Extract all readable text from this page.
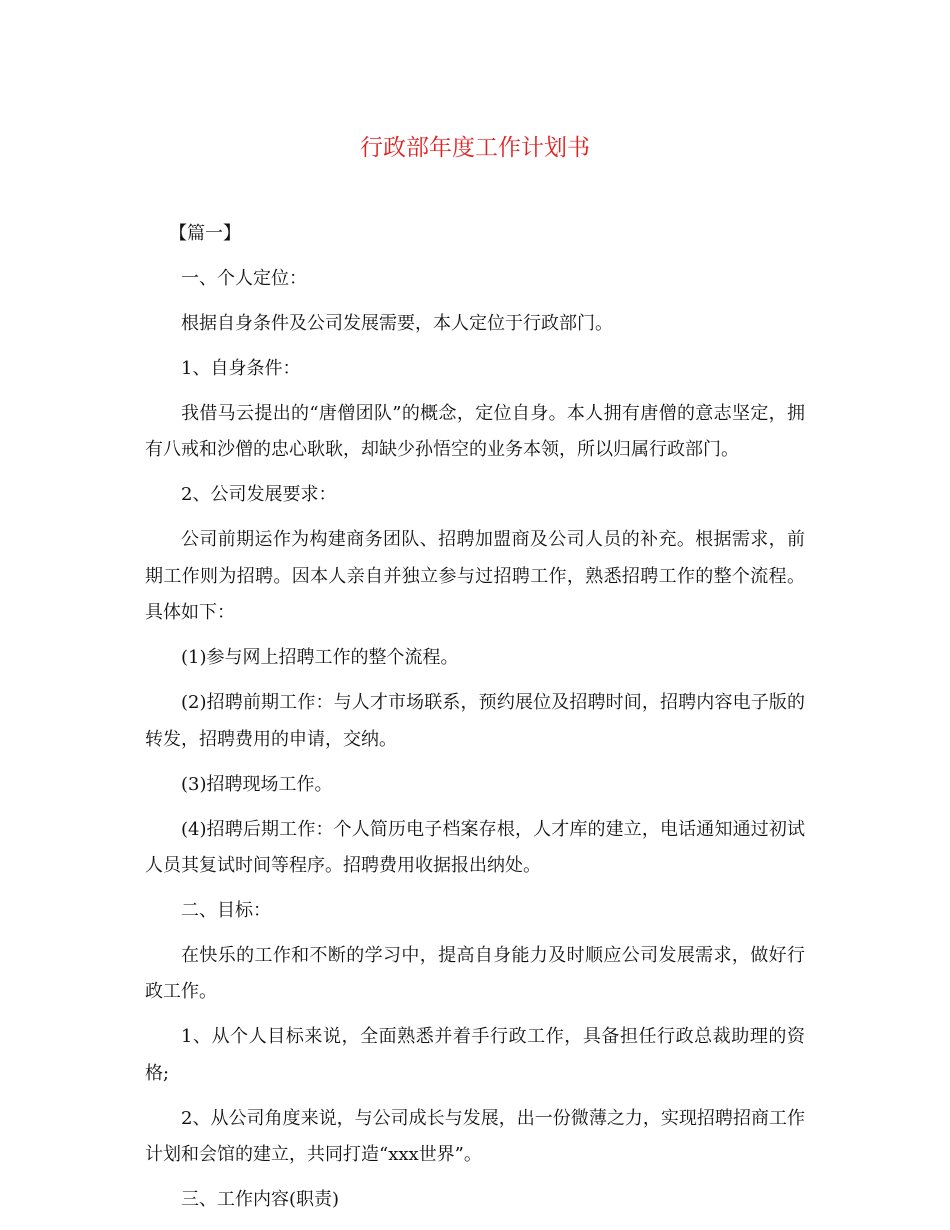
行政部年度工作计划书

【篇一】

一、个人定位：

根据自身条件及公司发展需要，本人定位于行政部门。

1、自身条件：

我借马云提出的“唐僧团队”的概念，定位自身。本人拥有唐僧的意志坚定，拥有八戒和沙僧的忠心耿耿，却缺少孙悟空的业务本领，所以归属行政部门。

2、公司发展要求：

公司前期运作为构建商务团队、招聘加盟商及公司人员的补充。根据需求，前期工作则为招聘。因本人亲自并独立参与过招聘工作，熟悉招聘工作的整个流程。具体如下：

(1)参与网上招聘工作的整个流程。

(2)招聘前期工作：与人才市场联系，预约展位及招聘时间，招聘内容电子版的转发，招聘费用的申请，交纳。

(3)招聘现场工作。

(4)招聘后期工作：个人简历电子档案存根，人才库的建立，电话通知通过初试人员其复试时间等程序。招聘费用收据报出纳处。

二、目标：

在快乐的工作和不断的学习中，提高自身能力及时顺应公司发展需求，做好行政工作。

1、从个人目标来说，全面熟悉并着手行政工作，具备担任行政总裁助理的资格;

2、从公司角度来说，与公司成长与发展，出一份微薄之力，实现招聘招商工作计划和会馆的建立，共同打造“xxx世界”。

三、工作内容(职责)
